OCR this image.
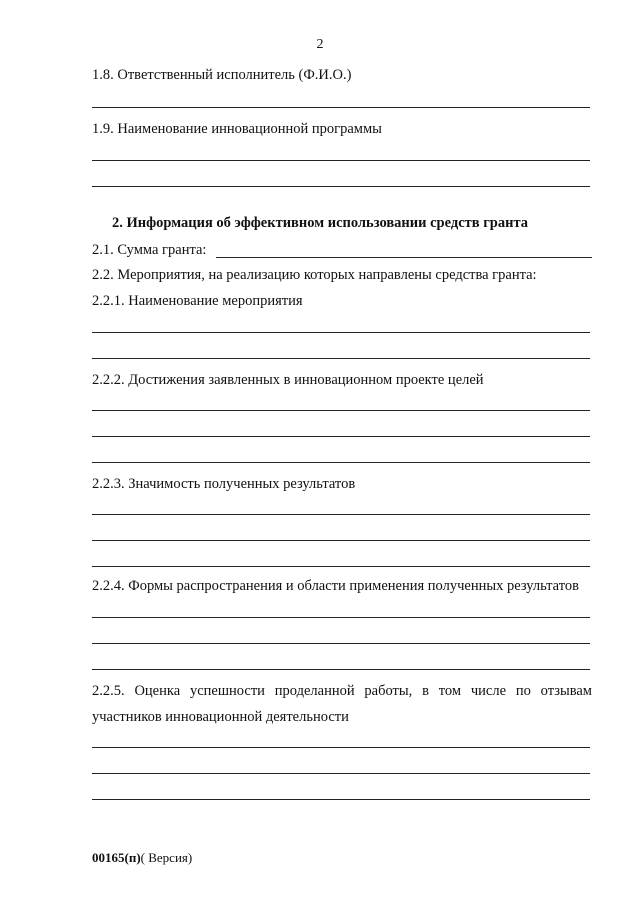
2
1.8. Ответственный исполнитель (Ф.И.О.)
1.9. Наименование инновационной программы
2. Информация об эффективном использовании средств гранта
2.1. Сумма гранта:
2.2. Мероприятия, на реализацию которых направлены средства гранта:
2.2.1. Наименование мероприятия
2.2.2. Достижения заявленных в инновационном проекте целей
2.2.3. Значимость полученных результатов
2.2.4. Формы распространения и области применения полученных результатов
2.2.5. Оценка успешности проделанной работы, в том числе по отзывам
участников инновационной деятельности
00165(п)( Версия)
